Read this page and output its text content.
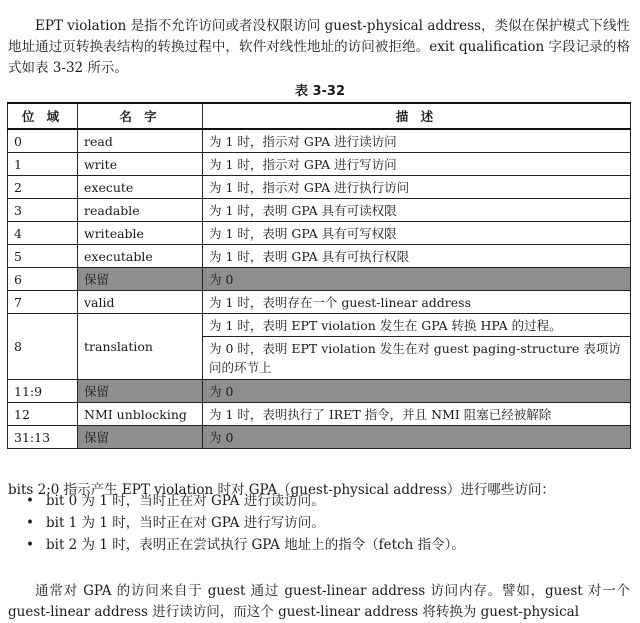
EPT violation 是指不允许访问或者没权限访问 guest-physical address，类似在保护模式下线性地址通过页转换表结构的转换过程中，软件对线性地址的访问被拒绝。exit qualification 字段记录的格式如表 3-32 所示。

表 3-32
位 域	名 字	描 述
0	read	为 1 时，指示对 GPA 进行读访问
1	write	为 1 时，指示对 GPA 进行写访问
2	execute	为 1 时，指示对 GPA 进行执行访问
3	readable	为 1 时，表明 GPA 具有可读权限
4	writeable	为 1 时，表明 GPA 具有可写权限
5	executable	为 1 时，表明 GPA 具有可执行权限
6	保留	为 0
7	valid	为 1 时，表明存在一个 guest-linear address
8	translation	为 1 时，表明 EPT violation 发生在 GPA 转换 HPA 的过程。
		为 0 时，表明 EPT violation 发生在对 guest paging-structure 表项访问的环节上
11:9	保留	为 0
12	NMI unblocking	为 1 时，表明执行了 IRET 指令，并且 NMI 阻塞已经被解除
31:13	保留	为 0

bits 2:0 指示产生 EPT violation 时对 GPA（guest-physical address）进行哪些访问：

• bit 0 为 1 时，当时正在对 GPA 进行读访问。
• bit 1 为 1 时，当时正在对 GPA 进行写访问。
• bit 2 为 1 时，表明正在尝试执行 GPA 地址上的指令（fetch 指令）。

通常对 GPA 的访问来自于 guest 通过 guest-linear address 访问内存。譬如，guest 对一个 guest-linear address 进行读访问，而这个 guest-linear address 将转换为 guest-physical
